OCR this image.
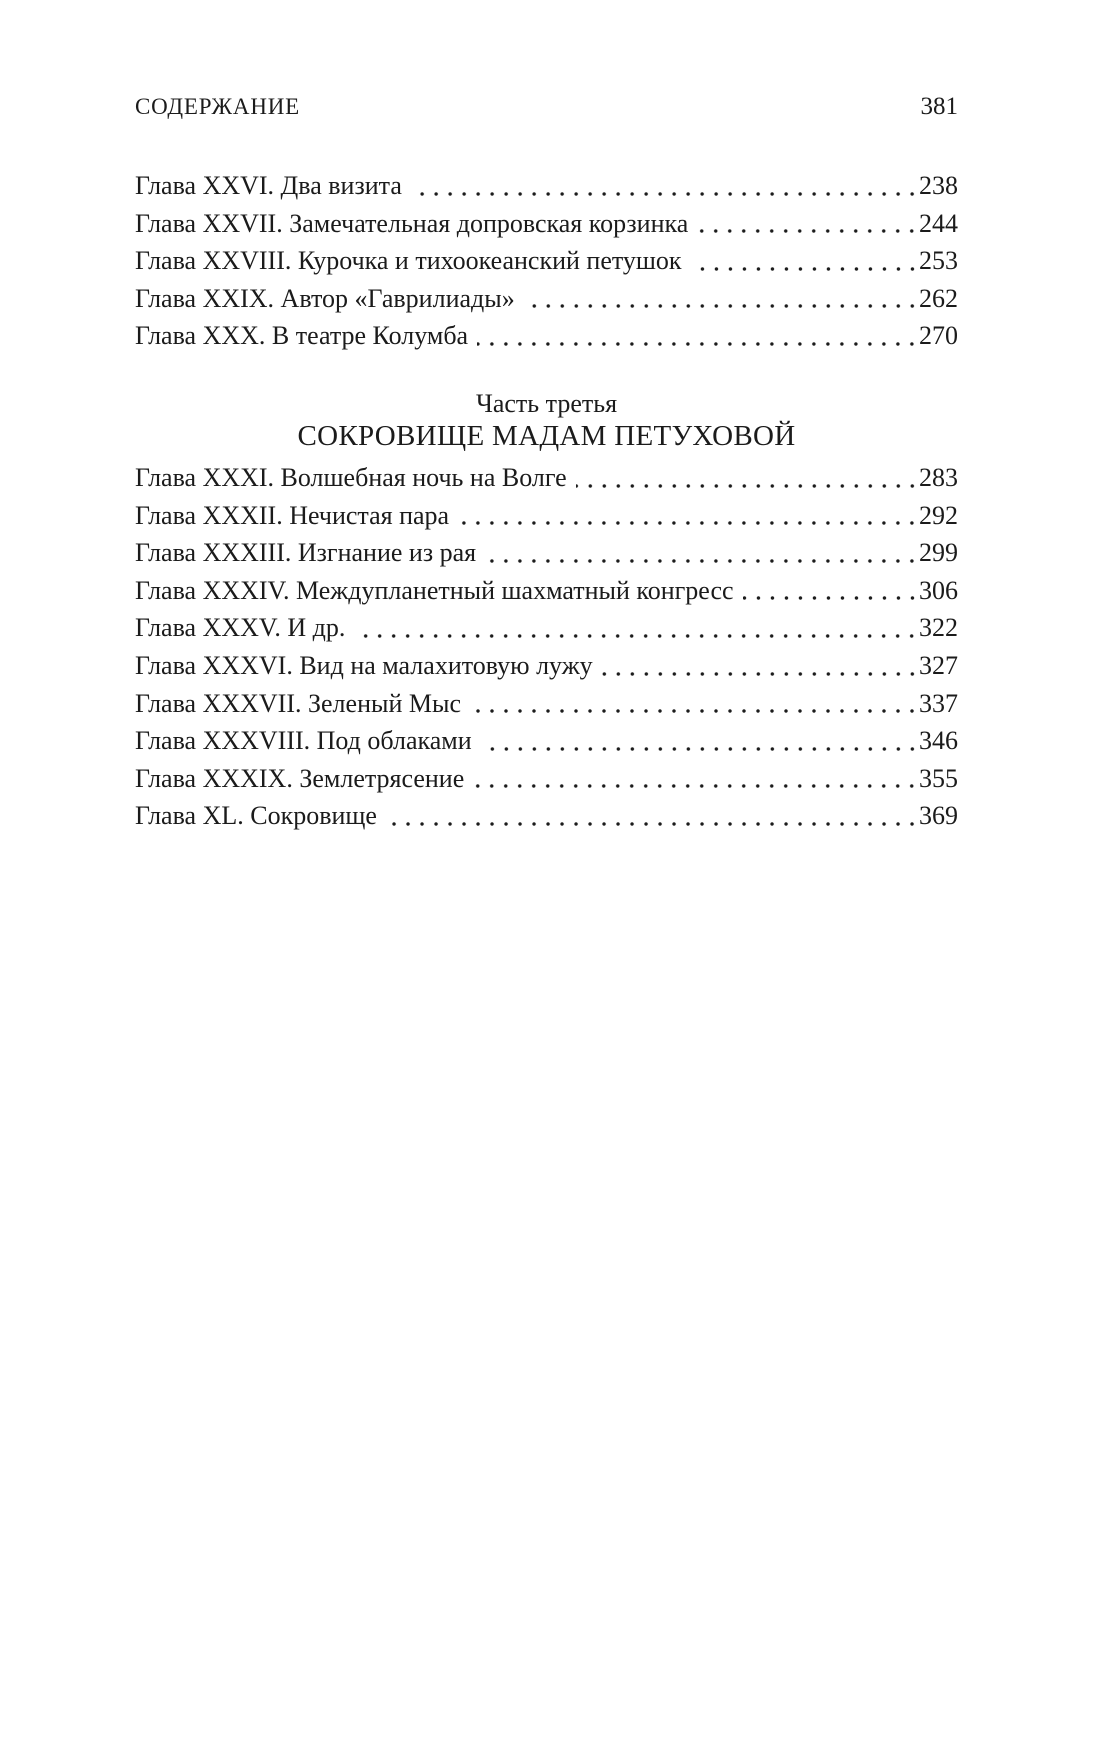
СОДЕРЖАНИЕ	381
Глава XXVI. Два визита	238
Глава XXVII. Замечательная допровская корзинка	244
Глава XXVIII. Курочка и тихоокеанский петушок	253
Глава XXIX. Автор «Гаврилиады»	262
Глава XXX. В театре Колумба	270
Часть третья
СОКРОВИЩЕ МАДАМ ПЕТУХОВОЙ
Глава XXXI. Волшебная ночь на Волге	283
Глава XXXII. Нечистая пара	292
Глава XXXIII. Изгнание из рая	299
Глава XXXIV. Междупланетный шахматный конгресс	306
Глава XXXV. И др.	322
Глава XXXVI. Вид на малахитовую лужу	327
Глава XXXVII. Зеленый Мыс	337
Глава XXXVIII. Под облаками	346
Глава XXXIX. Землетрясение	355
Глава XL. Сокровище	369
